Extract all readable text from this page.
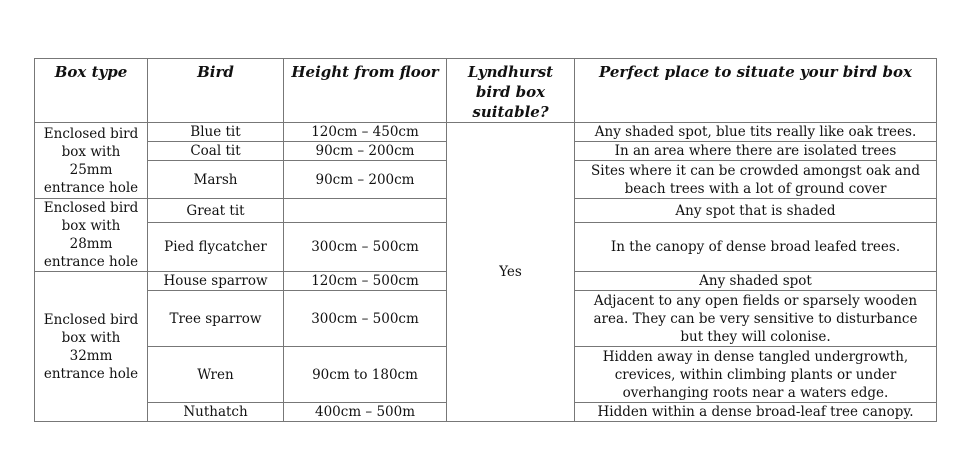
Box type	Bird	Height from floor	Lyndhurst bird box suitable?	Perfect place to situate your bird box
Enclosed bird box with 25mm entrance hole	Blue tit	120cm – 450cm	Yes	Any shaded spot, blue tits really like oak trees.
	Coal tit	90cm – 200cm		In an area where there are isolated trees
	Marsh	90cm – 200cm		Sites where it can be crowded amongst oak and beach trees with a lot of ground cover
Enclosed bird box with 28mm entrance hole	Great tit			Any spot that is shaded
	Pied flycatcher	300cm – 500cm		In the canopy of dense broad leafed trees.
Enclosed bird box with 32mm entrance hole	House sparrow	120cm – 500cm		Any shaded spot
	Tree sparrow	300cm – 500cm		Adjacent to any open fields or sparsely wooden area. They can be very sensitive to disturbance but they will colonise.
	Wren	90cm to 180cm		Hidden away in dense tangled undergrowth, crevices, within climbing plants or under overhanging roots near a waters edge.
	Nuthatch	400cm – 500m		Hidden within a dense broad-leaf tree canopy.
